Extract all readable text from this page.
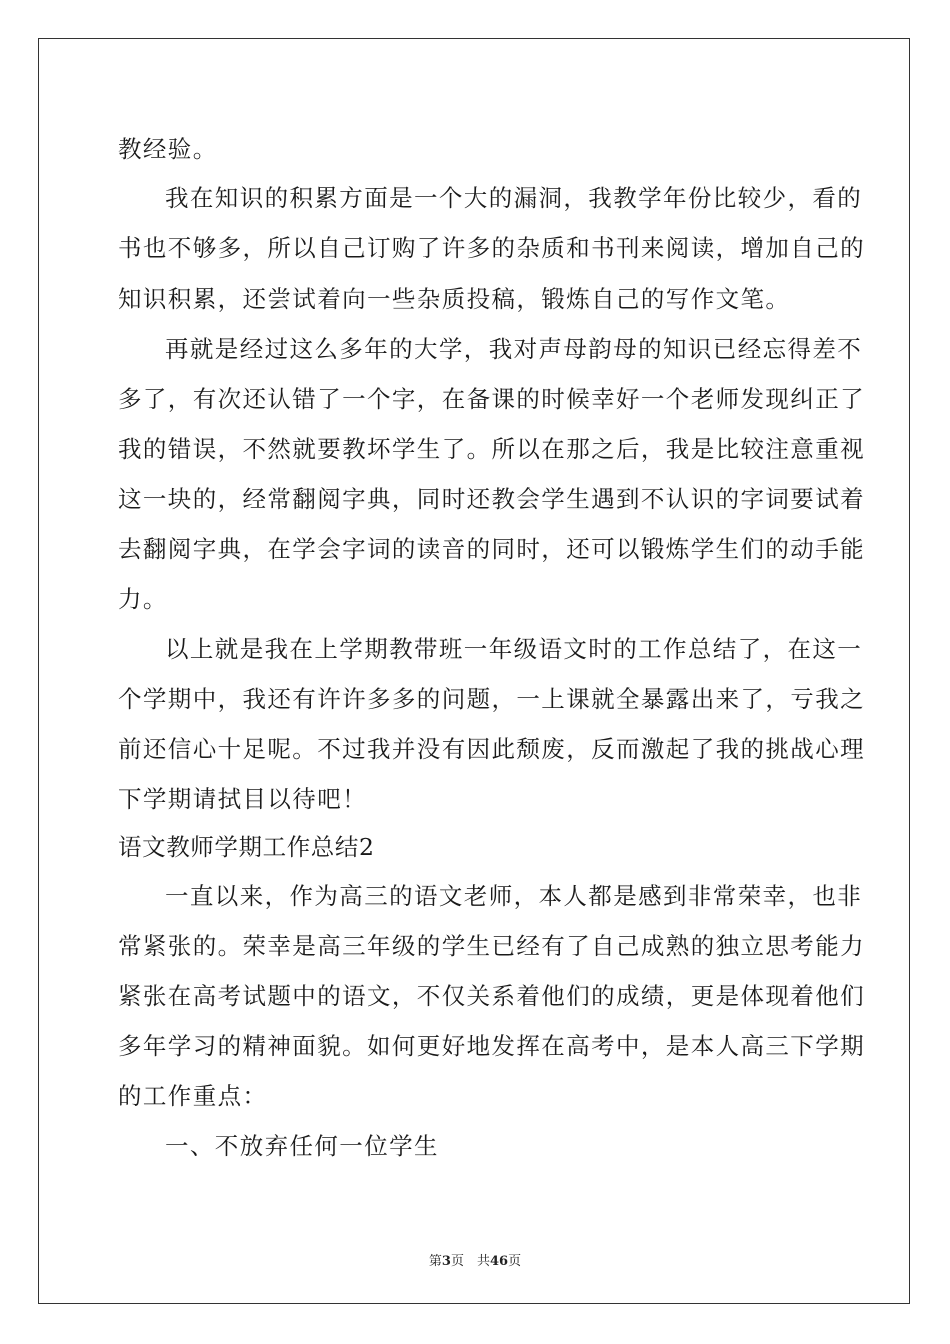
教经验。
我在知识的积累方面是一个大的漏洞，我教学年份比较少，看的
书也不够多，所以自己订购了许多的杂质和书刊来阅读，增加自己的
知识积累，还尝试着向一些杂质投稿，锻炼自己的写作文笔。
再就是经过这么多年的大学，我对声母韵母的知识已经忘得差不
多了，有次还认错了一个字，在备课的时候幸好一个老师发现纠正了
我的错误，不然就要教坏学生了。所以在那之后，我是比较注意重视
这一块的，经常翻阅字典，同时还教会学生遇到不认识的字词要试着
去翻阅字典，在学会字词的读音的同时，还可以锻炼学生们的动手能
力。
以上就是我在上学期教带班一年级语文时的工作总结了，在这一
个学期中，我还有许许多多的问题，一上课就全暴露出来了，亏我之
前还信心十足呢。不过我并没有因此颓废，反而激起了我的挑战心理
下学期请拭目以待吧！
语文教师学期工作总结2
一直以来，作为高三的语文老师，本人都是感到非常荣幸，也非
常紧张的。荣幸是高三年级的学生已经有了自己成熟的独立思考能力
紧张在高考试题中的语文，不仅关系着他们的成绩，更是体现着他们
多年学习的精神面貌。如何更好地发挥在高考中，是本人高三下学期
的工作重点：
一、不放弃任何一位学生
第3页　共46页
